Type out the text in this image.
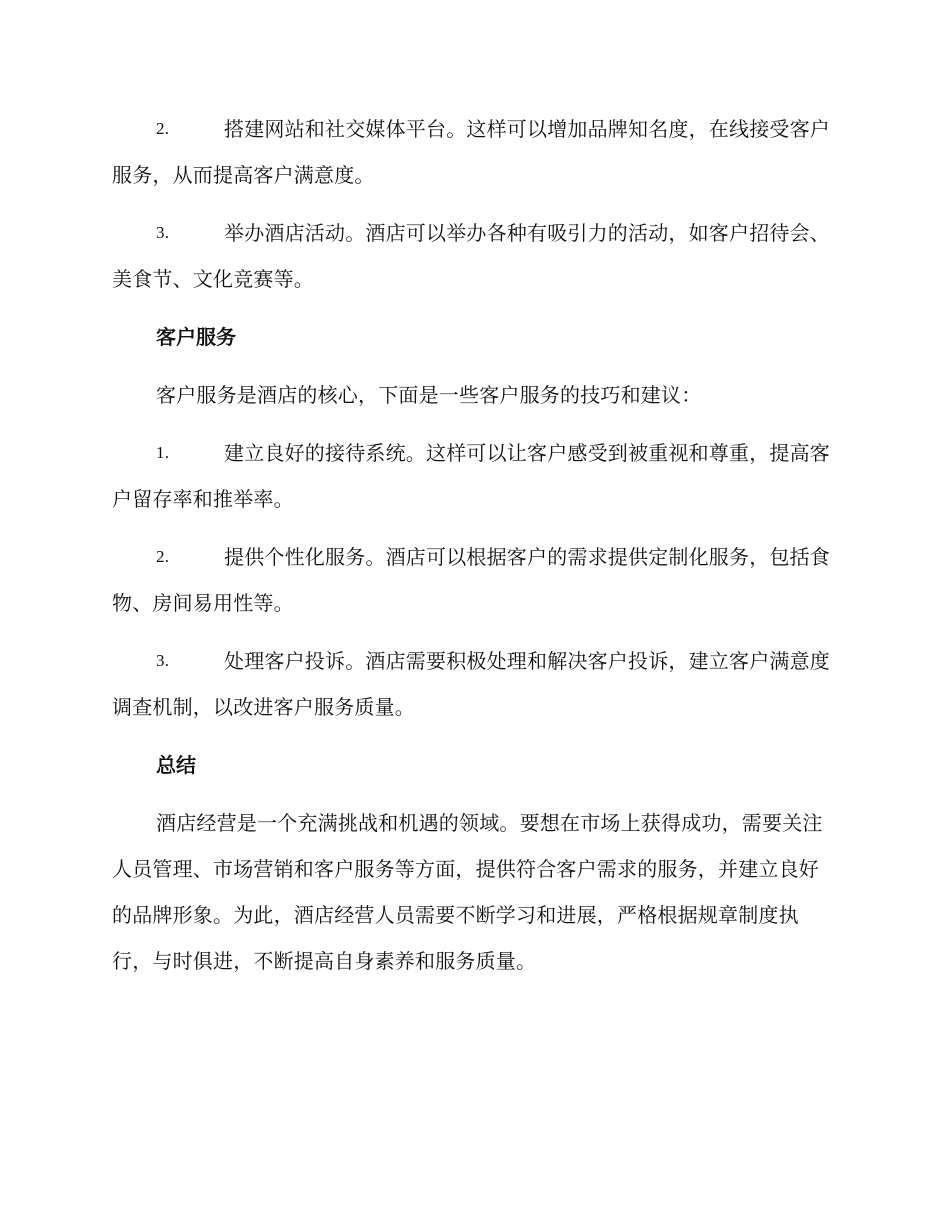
2.	搭建网站和社交媒体平台。这样可以增加品牌知名度，在线接受客户服务，从而提高客户满意度。

3.	举办酒店活动。酒店可以举办各种有吸引力的活动，如客户招待会、美食节、文化竞赛等。

客户服务

客户服务是酒店的核心，下面是一些客户服务的技巧和建议：

1.	建立良好的接待系统。这样可以让客户感受到被重视和尊重，提高客户留存率和推举率。

2.	提供个性化服务。酒店可以根据客户的需求提供定制化服务，包括食物、房间易用性等。

3.	处理客户投诉。酒店需要积极处理和解决客户投诉，建立客户满意度调查机制，以改进客户服务质量。

总结

酒店经营是一个充满挑战和机遇的领域。要想在市场上获得成功，需要关注人员管理、市场营销和客户服务等方面，提供符合客户需求的服务，并建立良好的品牌形象。为此，酒店经营人员需要不断学习和进展，严格根据规章制度执行，与时俱进，不断提高自身素养和服务质量。
